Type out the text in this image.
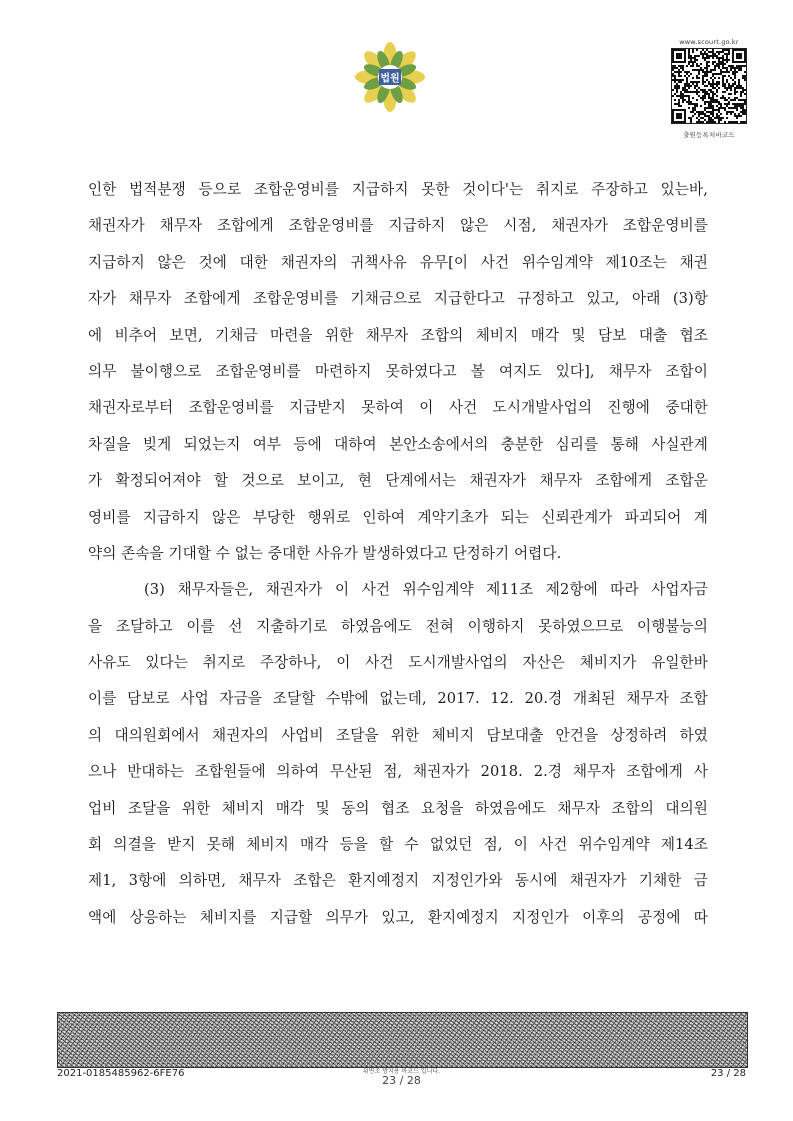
법원
www.scourt.go.kr
출원등록처바코드
인한 법적분쟁 등으로 조합운영비를 지급하지 못한 것이다'는 취지로 주장하고 있는바,
채권자가 채무자 조합에게 조합운영비를 지급하지 않은 시점, 채권자가 조합운영비를
지급하지 않은 것에 대한 채권자의 귀책사유 유무[이 사건 위수임계약 제10조는 채권
자가 채무자 조합에게 조합운영비를 기채금으로 지급한다고 규정하고 있고, 아래 (3)항
에 비추어 보면, 기채금 마련을 위한 채무자 조합의 체비지 매각 및 담보 대출 협조
의무 불이행으로 조합운영비를 마련하지 못하였다고 볼 여지도 있다], 채무자 조합이
채권자로부터 조합운영비를 지급받지 못하여 이 사건 도시개발사업의 진행에 중대한
차질을 빚게 되었는지 여부 등에 대하여 본안소송에서의 충분한 심리를 통해 사실관계
가 확정되어져야 할 것으로 보이고, 현 단계에서는 채권자가 채무자 조합에게 조합운
영비를 지급하지 않은 부당한 행위로 인하여 계약기초가 되는 신뢰관계가 파괴되어 계
약의 존속을 기대할 수 없는 중대한 사유가 발생하였다고 단정하기 어렵다.
(3) 채무자들은, 채권자가 이 사건 위수임계약 제11조 제2항에 따라 사업자금
을 조달하고 이를 선 지출하기로 하였음에도 전혀 이행하지 못하였으므로 이행불능의
사유도 있다는 취지로 주장하나, 이 사건 도시개발사업의 자산은 체비지가 유일한바
이를 담보로 사업 자금을 조달할 수밖에 없는데, 2017. 12. 20.경 개최된 채무자 조합
의 대의원회에서 채권자의 사업비 조달을 위한 체비지 담보대출 안건을 상정하려 하였
으나 반대하는 조합원들에 의하여 무산된 점, 채권자가 2018. 2.경 채무자 조합에게 사
업비 조달을 위한 체비지 매각 및 동의 협조 요청을 하였음에도 채무자 조합의 대의원
회 의결을 받지 못해 체비지 매각 등을 할 수 없었던 점, 이 사건 위수임계약 제14조
제1, 3항에 의하면, 채무자 조합은 환지예정지 지정인가와 동시에 채권자가 기채한 금
액에 상응하는 체비지를 지급할 의무가 있고, 환지예정지 지정인가 이후의 공정에 따
2021-0185485962-6FE76	위변조 방지용 바코드 입니다.
23 / 28
23 / 28
